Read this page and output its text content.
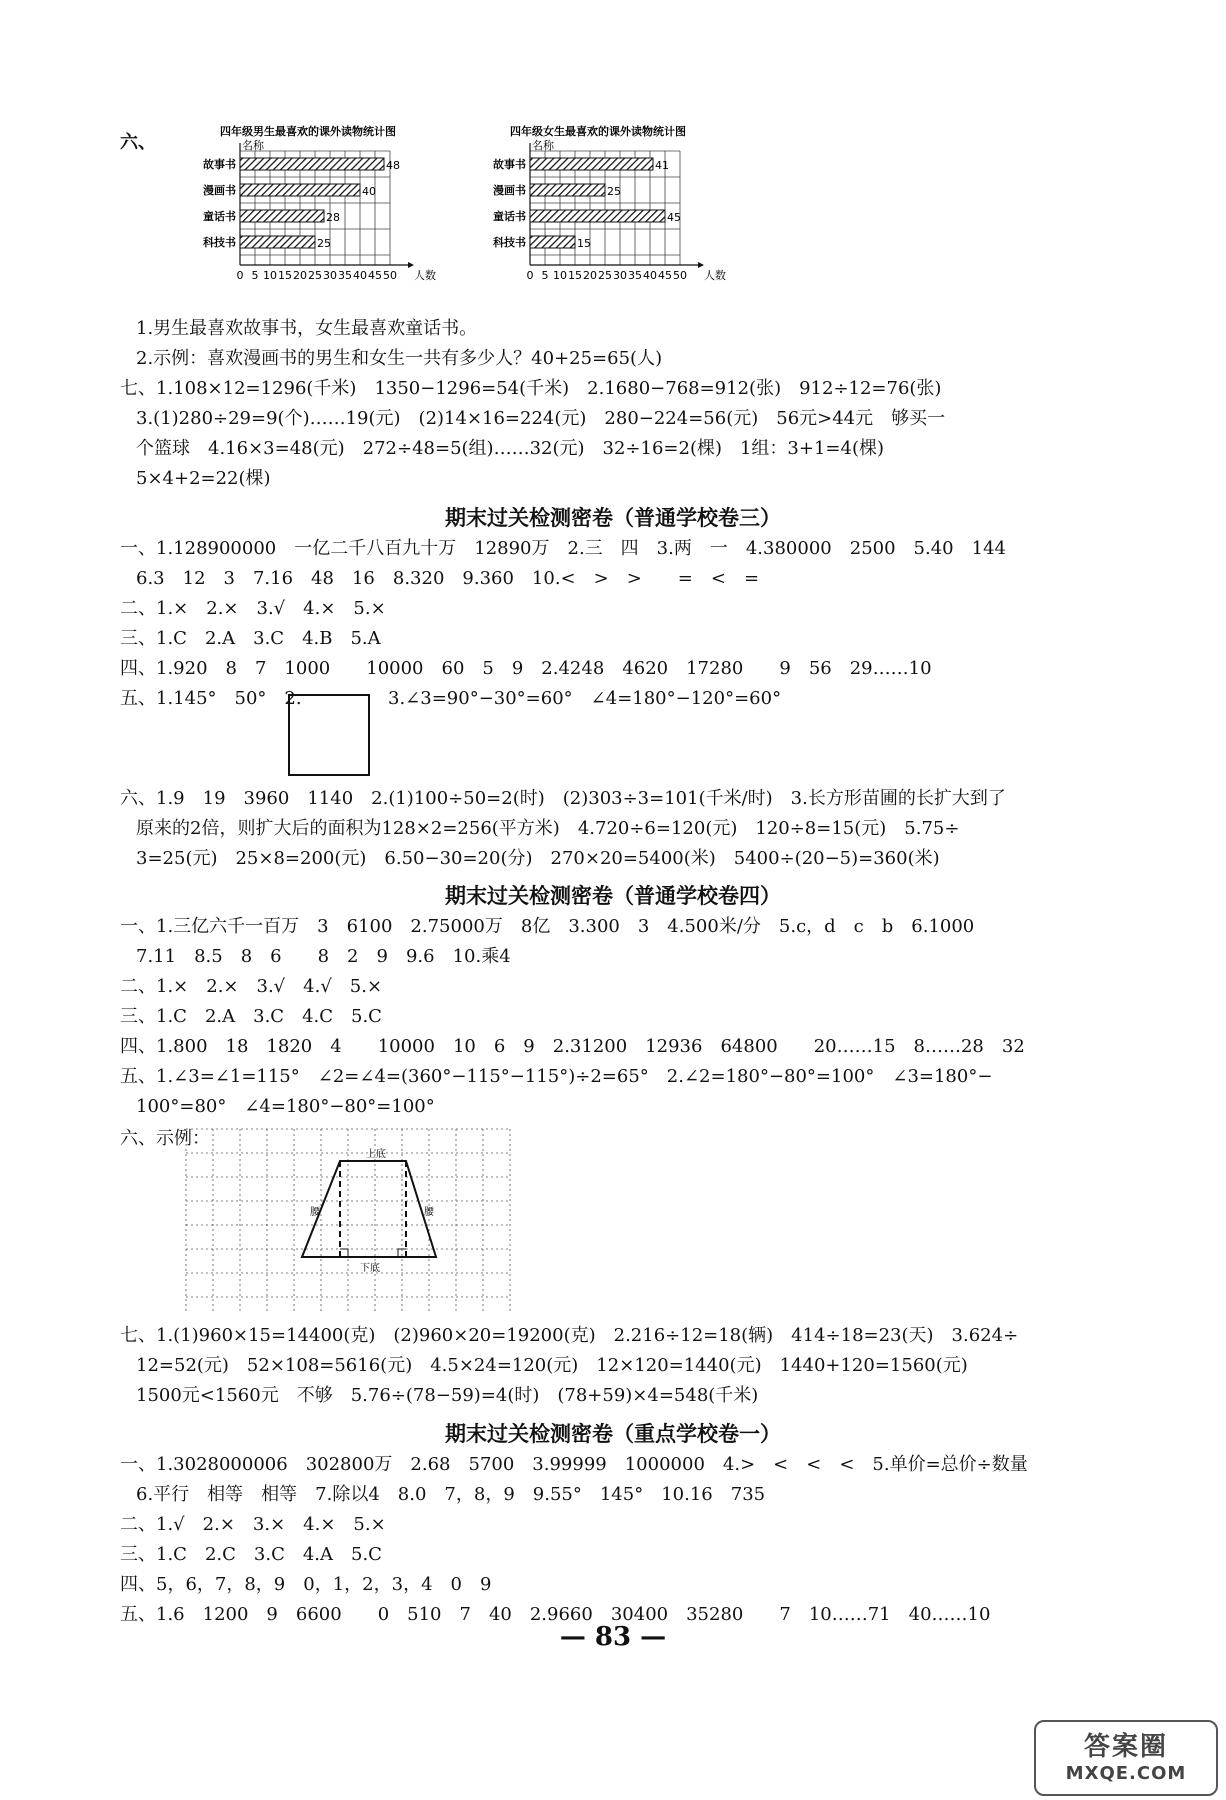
六、
四年级男生最喜欢的课外读物统计图
名称
故事书	48
漫画书	40
童话书	28
科技书	25
0 5 10 15 20 25 30 35 40 45 50 人数
四年级女生最喜欢的课外读物统计图
名称
故事书	41
漫画书	25
童话书	45
科技书	15
0 5 10 15 20 25 30 35 40 45 50 人数
1.男生最喜欢故事书，女生最喜欢童话书。
2.示例：喜欢漫画书的男生和女生一共有多少人？40+25=65(人)
七、1.108×12=1296(千米)　1350−1296=54(千米)　2.1680−768=912(张)　912÷12=76(张)
3.(1)280÷29=9(个)……19(元)　(2)14×16=224(元)　280−224=56(元)　56元>44元　够买一
个篮球　4.16×3=48(元)　272÷48=5(组)……32(元)　32÷16=2(棵)　1组：3+1=4(棵)
5×4+2=22(棵)
期末过关检测密卷（普通学校卷三）
一、1.128900000　一亿二千八百九十万　12890万　2.三　四　3.两　一　4.380000　2500　5.40　144
6.3　12　3　7.16　48　16　8.320　9.360　10.<　>　>　　=　<　=
二、1.×　2.×　3.√　4.×　5.×
三、1.C　2.A　3.C　4.B　5.A
四、1.920　8　7　1000　　10000　60　5　9　2.4248　4620　17280　　9　56　29……10
五、1.145°　50°　2.	3.∠3=90°−30°=60°　∠4=180°−120°=60°
六、1.9　19　3960　1140　2.(1)100÷50=2(时)　(2)303÷3=101(千米/时)　3.长方形苗圃的长扩大到了
原来的2倍，则扩大后的面积为128×2=256(平方米)　4.720÷6=120(元)　120÷8=15(元)　5.75÷
3=25(元)　25×8=200(元)　6.50−30=20(分)　270×20=5400(米)　5400÷(20−5)=360(米)
期末过关检测密卷（普通学校卷四）
一、1.三亿六千一百万　3　6100　2.75000万　8亿　3.300　3　4.500米/分　5.c，d　c　b　6.1000
7.11　8.5　8　6　　8　2　9　9.6　10.乘4
二、1.×　2.×　3.√　4.√　5.×
三、1.C　2.A　3.C　4.C　5.C
四、1.800　18　1820　4　　10000　10　6　9　2.31200　12936　64800　　20……15　8……28　32
五、1.∠3=∠1=115°　∠2=∠4=(360°−115°−115°)÷2=65°　2.∠2=180°−80°=100°　∠3=180°−
100°=80°　∠4=180°−80°=100°
六、示例：
上底
下底
腰	腰
七、1.(1)960×15=14400(克)　(2)960×20=19200(克)　2.216÷12=18(辆)　414÷18=23(天)　3.624÷
12=52(元)　52×108=5616(元)　4.5×24=120(元)　12×120=1440(元)　1440+120=1560(元)
1500元<1560元　不够　5.76÷(78−59)=4(时)　(78+59)×4=548(千米)
期末过关检测密卷（重点学校卷一）
一、1.3028000006　302800万　2.68　5700　3.99999　1000000　4.>　<　<　<　5.单价=总价÷数量
6.平行　相等　相等　7.除以4　8.0　7，8，9　9.55°　145°　10.16　735
二、1.√　2.×　3.×　4.×　5.×
三、1.C　2.C　3.C　4.A　5.C
四、5，6，7，8，9　0，1，2，3，4　0　9
五、1.6　1200　9　6600　　0　510　7　40　2.9660　30400　35280　　7　10……71　40……10
— 83 —
答案圈
MXQE.COM
